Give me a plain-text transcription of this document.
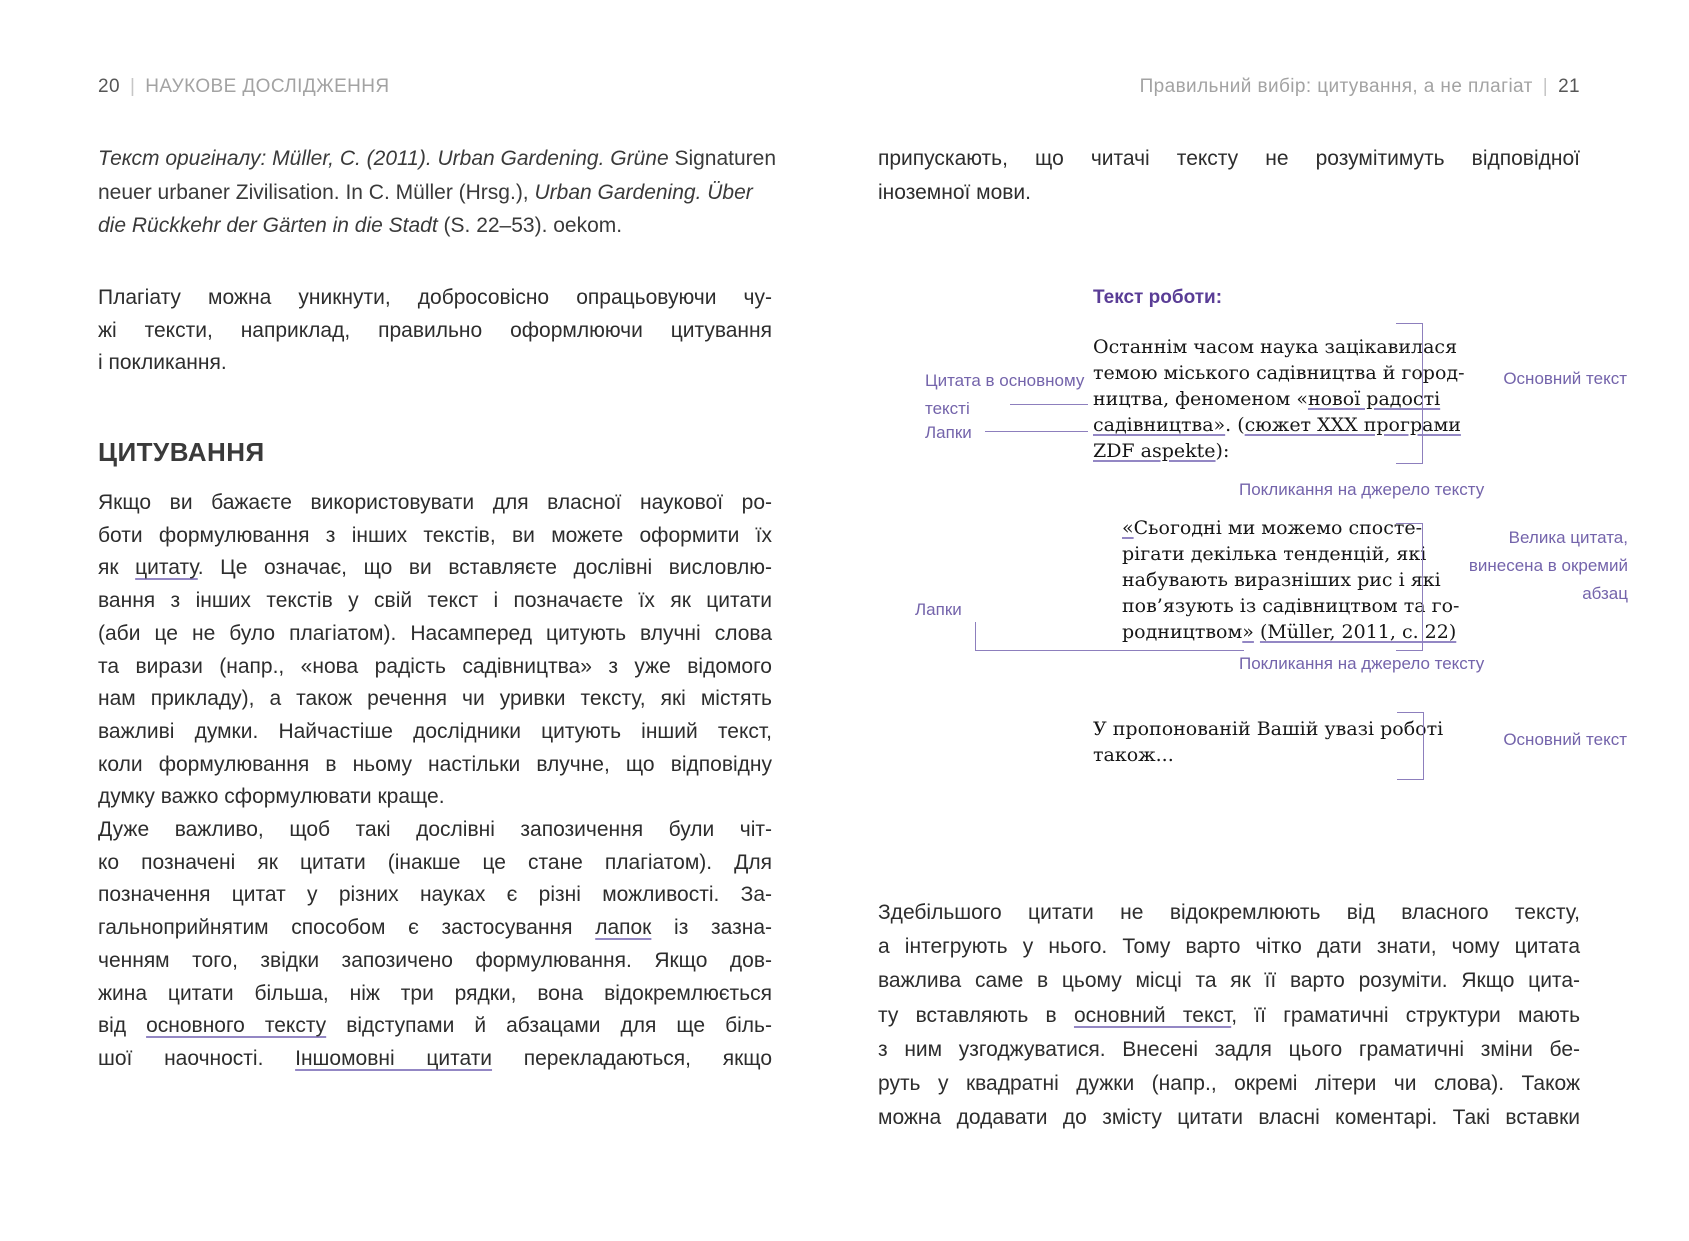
20 | НАУКОВЕ ДОСЛІДЖЕННЯ
Текст оригіналу: Müller, C. (2011). Urban Gardening. Grüne Signaturen
neuer urbaner Zivilisation. In C. Müller (Hrsg.), Urban Gardening. Über
die Rückkehr der Gärten in die Stadt (S. 22–53). oekom.
Плагіату можна уникнути, добросовісно опрацьовуючи чу-
жі тексти, наприклад, правильно оформлюючи цитування
і покликання.
ЦИТУВАННЯ
Якщо ви бажаєте використовувати для власної наукової ро-
боти формулювання з інших текстів, ви можете оформити їх
як цитату. Це означає, що ви вставляєте дослівні висловлю-
вання з інших текстів у свій текст і позначаєте їх як цитати
(аби це не було плагіатом). Насамперед цитують влучні слова
та вирази (напр., «нова радість садівництва» з уже відомого
нам прикладу), а також речення чи уривки тексту, які містять
важливі думки. Найчастіше дослідники цитують інший текст,
коли формулювання в ньому настільки влучне, що відповідну
думку важко сформулювати краще.
Дуже важливо, щоб такі дослівні запозичення були чіт-
ко позначені як цитати (інакше це стане плагіатом). Для
позначення цитат у різних науках є різні можливості. За-
гальноприйнятим способом є застосування лапок із зазна-
ченням того, звідки запозичено формулювання. Якщо дов-
жина цитати більша, ніж три рядки, вона відокремлюється
від основного тексту відступами й абзацами для ще біль-
шої наочності. Іншомовні цитати перекладаються, якщо
Правильний вибір: цитування, а не плагіат | 21
припускають, що читачі тексту не розумітимуть відповідної
іноземної мови.
Текст роботи:
Останнім часом наука зацікавилася
темою міського садівництва й город-
ництва, феноменом «нової радості
садівництва». (сюжет XXX програми
ZDF aspekte):
Цитата в основному
тексті
Лапки
Основний текст
Покликання на джерело тексту
«Сьогодні ми можемо спосте-
рігати декілька тенденцій, які
набувають виразніших рис і які
пов’язують із садівництвом та го-
родництвом» (Müller, 2011, с. 22)
Лапки
Велика цитата,
винесена в окремий
абзац
Покликання на джерело тексту
У пропонованій Вашій увазі роботі
також...
Основний текст
Здебільшого цитати не відокремлюють від власного тексту,
а інтегрують у нього. Тому варто чітко дати знати, чому цитата
важлива саме в цьому місці та як її варто розуміти. Якщо цита-
ту вставляють в основний текст, її граматичні структури мають
з ним узгоджуватися. Внесені задля цього граматичні зміни бе-
руть у квадратні дужки (напр., окремі літери чи слова). Також
можна додавати до змісту цитати власні коментарі. Такі вставки
